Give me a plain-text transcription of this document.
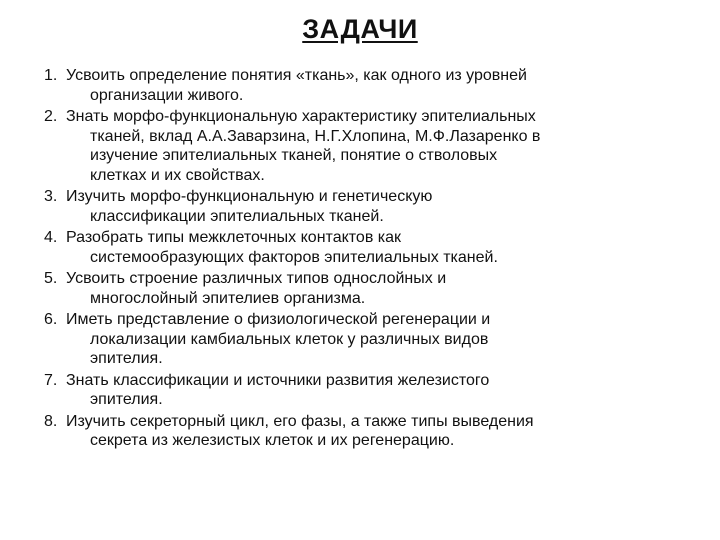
ЗАДАЧИ
1. Усвоить определение понятия «ткань», как одного из уровней
организации живого.
2. Знать морфо-функциональную характеристику эпителиальных
тканей, вклад А.А.Заварзина, Н.Г.Хлопина, М.Ф.Лазаренко в
изучение эпителиальных тканей, понятие о стволовых
клетках и их свойствах.
3. Изучить морфо-функциональную и генетическую
классификации эпителиальных тканей.
4. Разобрать типы межклеточных контактов как
системообразующих факторов эпителиальных тканей.
5. Усвоить строение различных типов однослойных и
многослойный эпителиев организма.
6. Иметь представление о физиологической регенерации и
локализации камбиальных клеток у различных видов
эпителия.
7. Знать классификации и источники развития железистого
эпителия.
8. Изучить секреторный цикл, его фазы, а также типы выведения
секрета из железистых клеток и их регенерацию.
